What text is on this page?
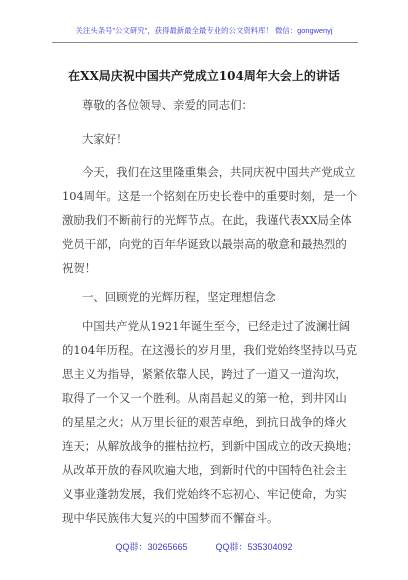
关注头条号"公文研究"，获得最新最全最专业的公文资料库！ 微信：gongwenyj
在XX局庆祝中国共产党成立104周年大会上的讲话
尊敬的各位领导、亲爱的同志们：
大家好！
今天，我们在这里隆重集会，共同庆祝中国共产党成立
104周年。这是一个铭刻在历史长卷中的重要时刻，是一个
激励我们不断前行的光辉节点。在此，我谨代表XX局全体
党员干部，向党的百年华诞致以最崇高的敬意和最热烈的
祝贺！
一、回顾党的光辉历程，坚定理想信念
中国共产党从1921年诞生至今，已经走过了波澜壮阔
的104年历程。在这漫长的岁月里，我们党始终坚持以马克
思主义为指导，紧紧依靠人民，跨过了一道又一道沟坎，
取得了一个又一个胜利。从南昌起义的第一枪，到井冈山
的星星之火；从万里长征的艰苦卓绝，到抗日战争的烽火
连天；从解放战争的摧枯拉朽，到新中国成立的改天换地；
从改革开放的春风吹遍大地，到新时代的中国特色社会主
义事业蓬勃发展，我们党始终不忘初心、牢记使命，为实
现中华民族伟大复兴的中国梦而不懈奋斗。
QQ群：30265665	QQ群：535304092
